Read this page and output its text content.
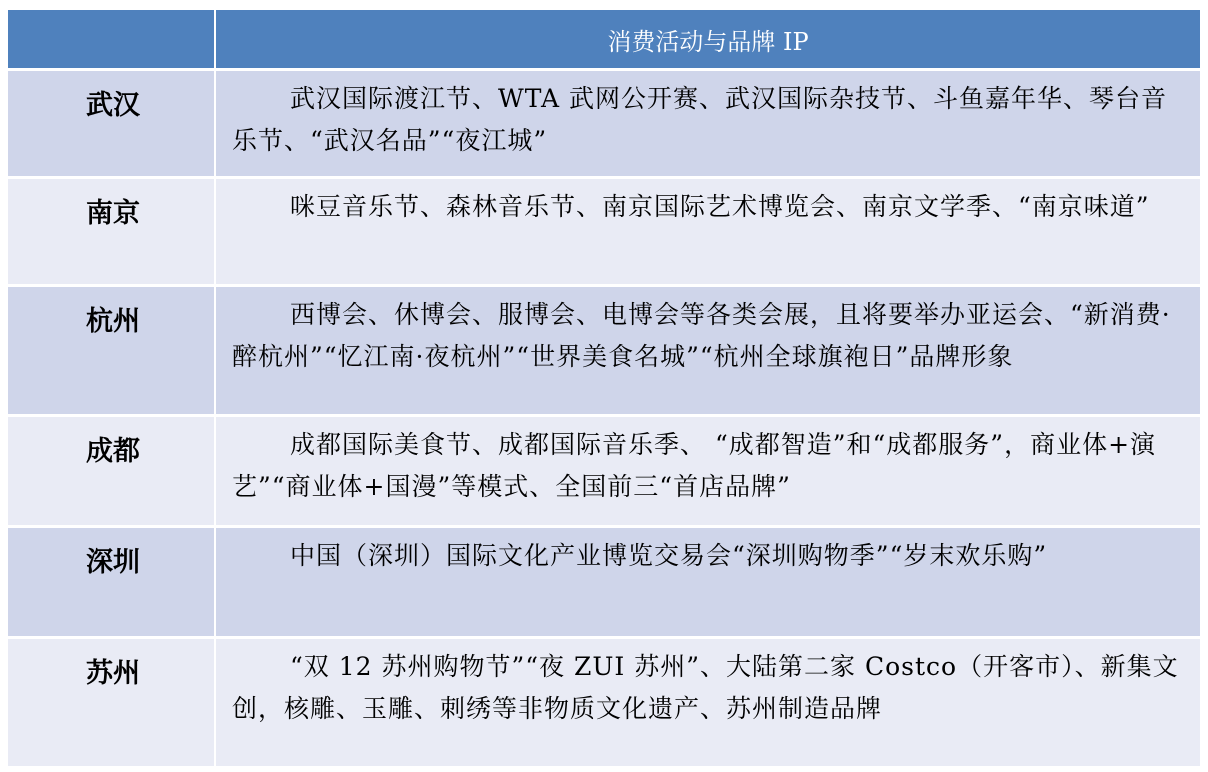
消费活动与品牌 IP
武汉	武汉国际渡江节、WTA 武网公开赛、武汉国际杂技节、斗鱼嘉年华、琴台音乐节、“武汉名品”“夜江城”
南京	咪豆音乐节、森林音乐节、南京国际艺术博览会、南京文学季、“南京味道”
杭州	西博会、休博会、服博会、电博会等各类会展，且将要举办亚运会、“新消费·醉杭州”“忆江南·夜杭州”“世界美食名城”“杭州全球旗袍日”品牌形象
成都	成都国际美食节、成都国际音乐季、 “成都智造”和“成都服务”，商业体+演艺”“商业体+国漫”等模式、全国前三“首店品牌”
深圳	中国（深圳）国际文化产业博览交易会“深圳购物季”“岁末欢乐购”
苏州	“双 12 苏州购物节”“夜 ZUI 苏州”、大陆第二家 Costco（开客市）、新集文创，核雕、玉雕、刺绣等非物质文化遗产、苏州制造品牌
